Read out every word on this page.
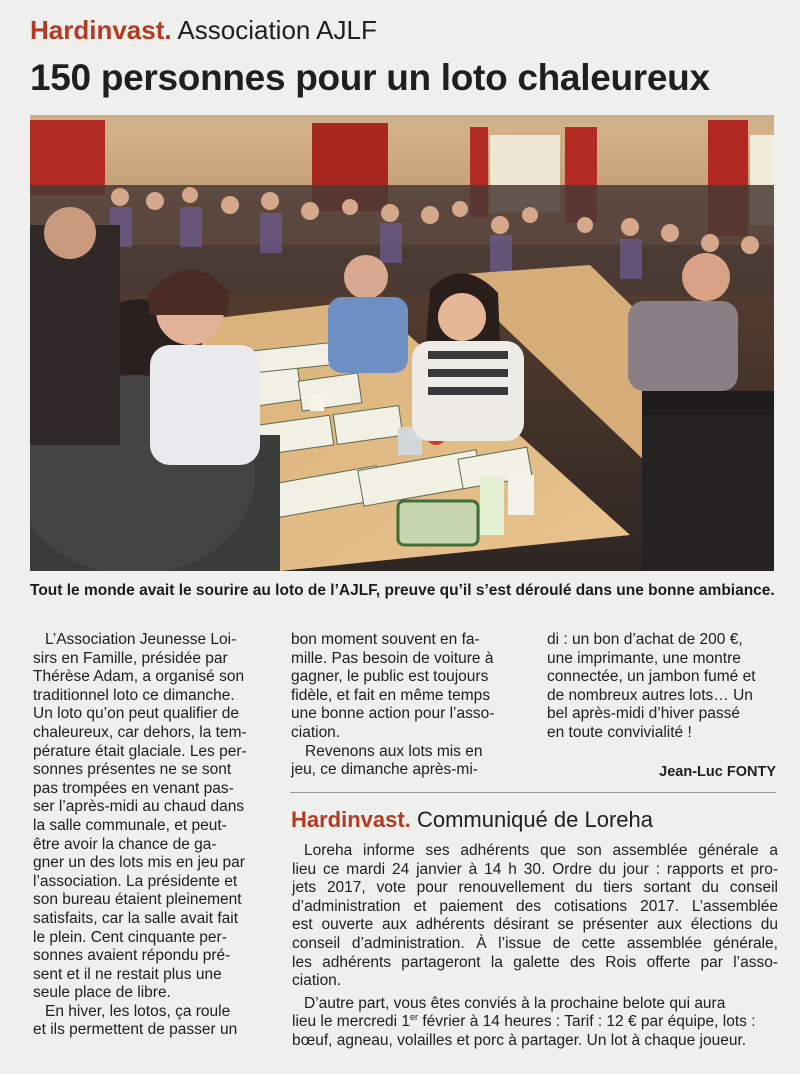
Hardinvast. Association AJLF
150 personnes pour un loto chaleureux
Tout le monde avait le sourire au loto de l’AJLF, preuve qu’il s’est déroulé dans une bonne ambiance.
L’Association Jeunesse Loi-
sirs en Famille, présidée par
Thérèse Adam, a organisé son
traditionnel loto ce dimanche.
Un loto qu’on peut qualifier de
chaleureux, car dehors, la tem-
pérature était glaciale. Les per-
sonnes présentes ne se sont
pas trompées en venant pas-
ser l’après-midi au chaud dans
la salle communale, et peut-
être avoir la chance de ga-
gner un des lots mis en jeu par
l’association. La présidente et
son bureau étaient pleinement
satisfaits, car la salle avait fait
le plein. Cent cinquante per-
sonnes avaient répondu pré-
sent et il ne restait plus une
seule place de libre.
En hiver, les lotos, ça roule
et ils permettent de passer un
bon moment souvent en fa-
mille. Pas besoin de voiture à
gagner, le public est toujours
fidèle, et fait en même temps
une bonne action pour l’asso-
ciation.
Revenons aux lots mis en
jeu, ce dimanche après-mi-
di : un bon d’achat de 200 €,
une imprimante, une montre
connectée, un jambon fumé et
de nombreux autres lots… Un
bel après-midi d’hiver passé
en toute convivialité !
Jean-Luc FONTY
Hardinvast. Communiqué de Loreha
Loreha informe ses adhérents que son assemblée générale a
lieu ce mardi 24 janvier à 14 h 30. Ordre du jour : rapports et pro-
jets 2017, vote pour renouvellement du tiers sortant du conseil
d’administration et paiement des cotisations 2017. L’assemblée
est ouverte aux adhérents désirant se présenter aux élections du
conseil d’administration. À l’issue de cette assemblée générale,
les adhérents partageront la galette des Rois offerte par l’asso-
ciation.
D’autre part, vous êtes conviés à la prochaine belote qui aura
lieu le mercredi 1er février à 14 heures : Tarif : 12 € par équipe, lots :
bœuf, agneau, volailles et porc à partager. Un lot à chaque joueur.
